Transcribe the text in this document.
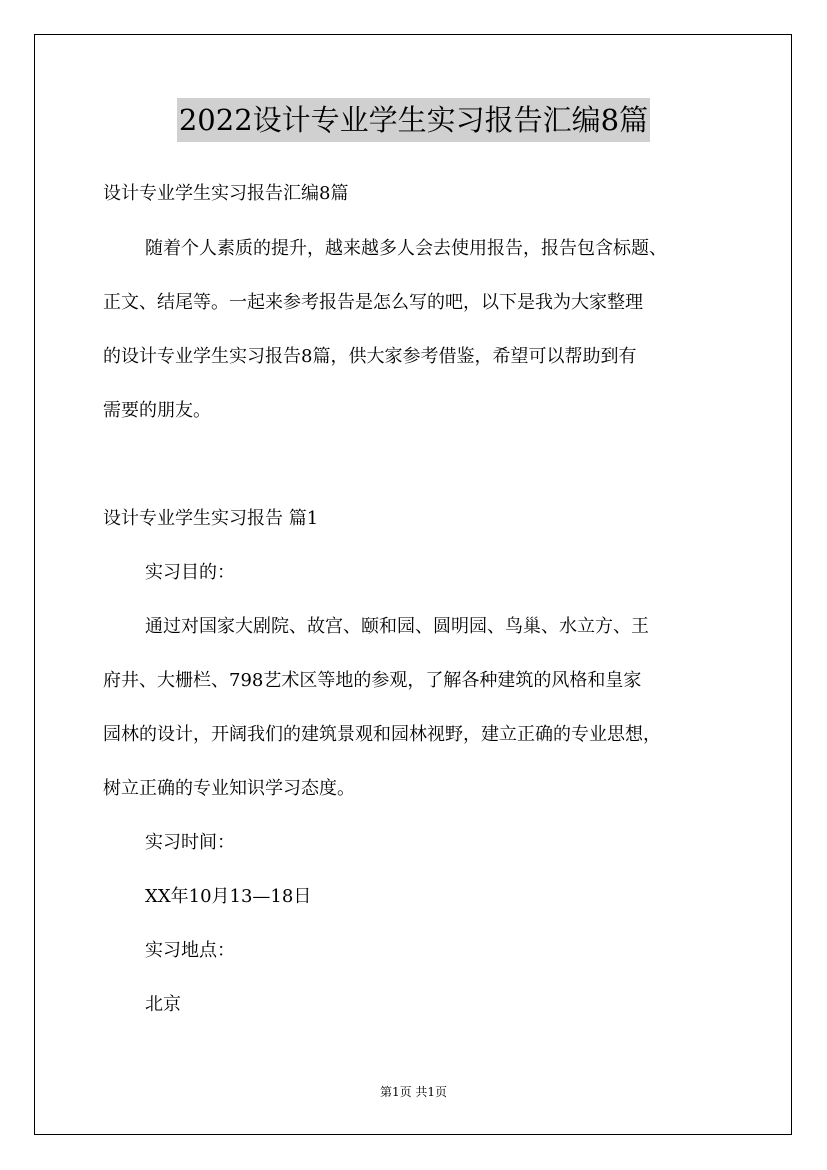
2022设计专业学生实习报告汇编8篇
设计专业学生实习报告汇编8篇
随着个人素质的提升，越来越多人会去使用报告，报告包含标题、
正文、结尾等。一起来参考报告是怎么写的吧，以下是我为大家整理
的设计专业学生实习报告8篇，供大家参考借鉴，希望可以帮助到有
需要的朋友。
设计专业学生实习报告 篇1
实习目的：
通过对国家大剧院、故宫、颐和园、圆明园、鸟巢、水立方、王
府井、大栅栏、798艺术区等地的参观，了解各种建筑的风格和皇家
园林的设计，开阔我们的建筑景观和园林视野，建立正确的专业思想，
树立正确的专业知识学习态度。
实习时间：
XX年10月13—18日
实习地点：
北京
第1页 共1页
